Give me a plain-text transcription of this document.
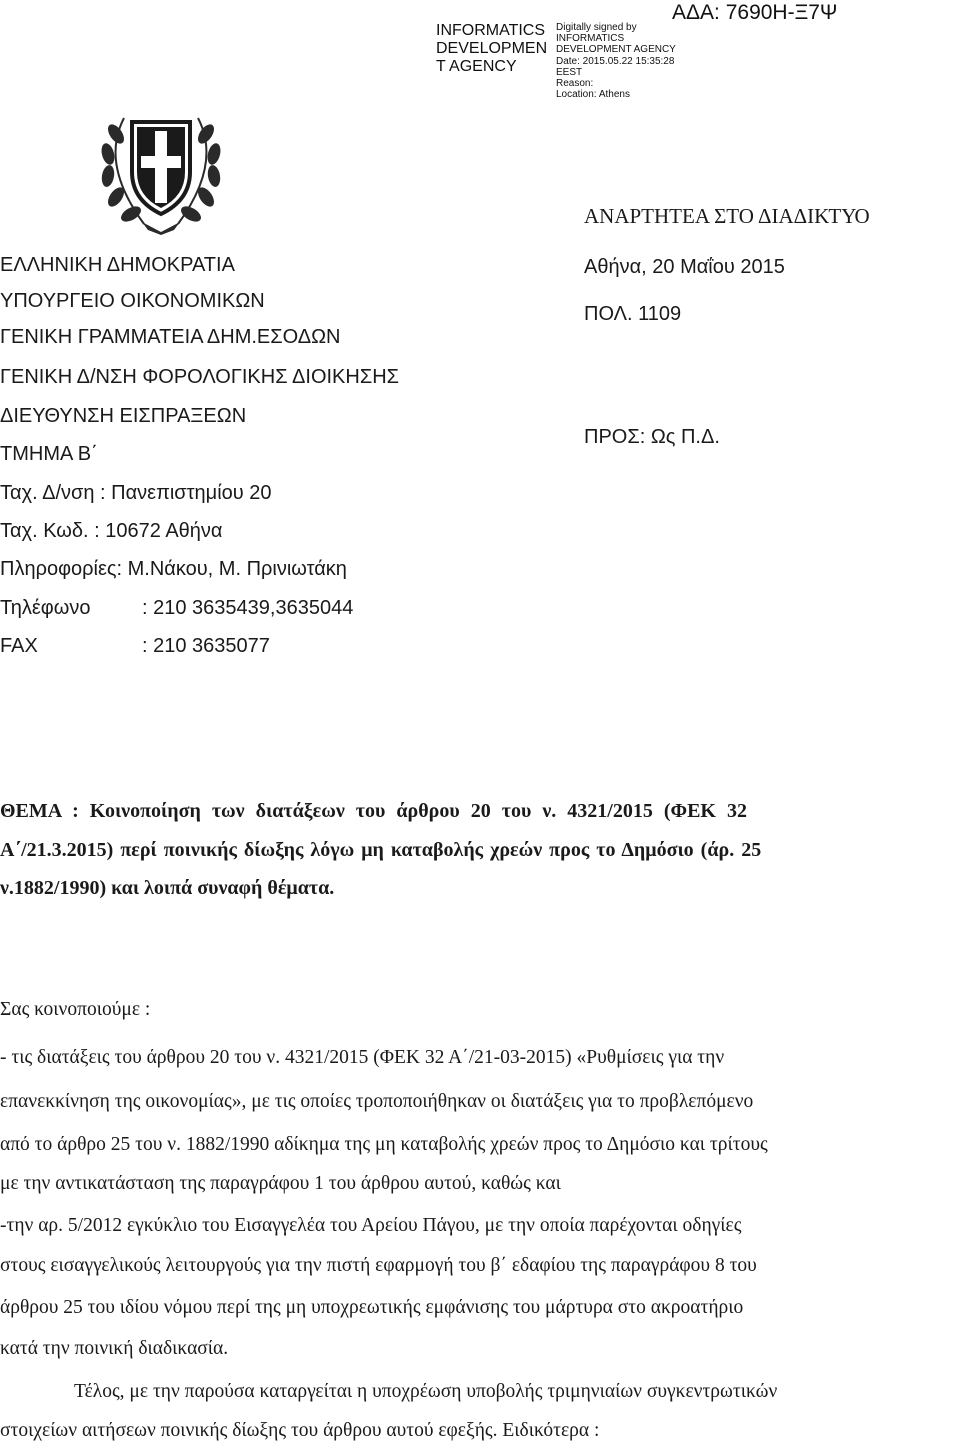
INFORMATICS
DEVELOPMEN
T AGENCY
Digitally signed by
INFORMATICS
DEVELOPMENT AGENCY
Date: 2015.05.22 15:35:28
EEST
Reason:
Location: Athens
ΑΔΑ: 7690Η-Ξ7Ψ
ΑΝΑΡΤΗΤΕΑ ΣΤΟ ΔΙΑΔΙΚΤΥΟ
ΕΛΛΗΝΙΚΗ ΔΗΜΟΚΡΑΤΙΑ
ΥΠΟΥΡΓΕΙΟ ΟΙΚΟΝΟΜΙΚΩΝ
ΓΕΝΙΚΗ ΓΡΑΜΜΑΤΕΙΑ ΔΗΜ.ΕΣΟΔΩΝ
ΓΕΝΙΚΗ Δ/ΝΣΗ ΦΟΡΟΛΟΓΙΚΗΣ ΔΙΟΙΚΗΣΗΣ
ΔΙΕΥΘΥΝΣΗ ΕΙΣΠΡΑΞΕΩΝ
ΤΜΗΜΑ Β΄
Ταχ. Δ/νση : Πανεπιστημίου 20
Ταχ. Κωδ. : 10672 Αθήνα
Πληροφορίες: Μ.Νάκου, Μ. Πρινιωτάκη
Τηλέφωνο	: 210 3635439,3635044
FAX	: 210 3635077
Αθήνα, 20 Μαΐου 2015
ΠΟΛ. 1109
ΠΡΟΣ: Ως Π.Δ.
ΘΕΜΑ : Κοινοποίηση των διατάξεων του άρθρου 20 του ν. 4321/2015 (ΦΕΚ 32
Α΄/21.3.2015) περί ποινικής δίωξης λόγω μη καταβολής χρεών προς το Δημόσιο (άρ. 25
ν.1882/1990) και λοιπά συναφή θέματα.
Σας κοινοποιούμε :
- τις διατάξεις του άρθρου 20 του ν. 4321/2015 (ΦΕΚ 32 Α΄/21-03-2015) «Ρυθμίσεις για την
επανεκκίνηση της οικονομίας», με τις οποίες τροποποιήθηκαν οι διατάξεις για το προβλεπόμενο
από το άρθρο 25 του ν. 1882/1990 αδίκημα της μη καταβολής χρεών προς το Δημόσιο και τρίτους
με την αντικατάσταση της παραγράφου 1 του άρθρου αυτού, καθώς και
-την αρ. 5/2012 εγκύκλιο του Εισαγγελέα του Αρείου Πάγου, με την οποία παρέχονται οδηγίες
στους εισαγγελικούς λειτουργούς για την πιστή εφαρμογή του β΄ εδαφίου της παραγράφου 8 του
άρθρου 25 του ιδίου νόμου περί της μη υποχρεωτικής εμφάνισης του μάρτυρα στο ακροατήριο
κατά την ποινική διαδικασία.
Τέλος, με την παρούσα καταργείται η υποχρέωση υποβολής τριμηνιαίων συγκεντρωτικών
στοιχείων αιτήσεων ποινικής δίωξης του άρθρου αυτού εφεξής. Ειδικότερα :
